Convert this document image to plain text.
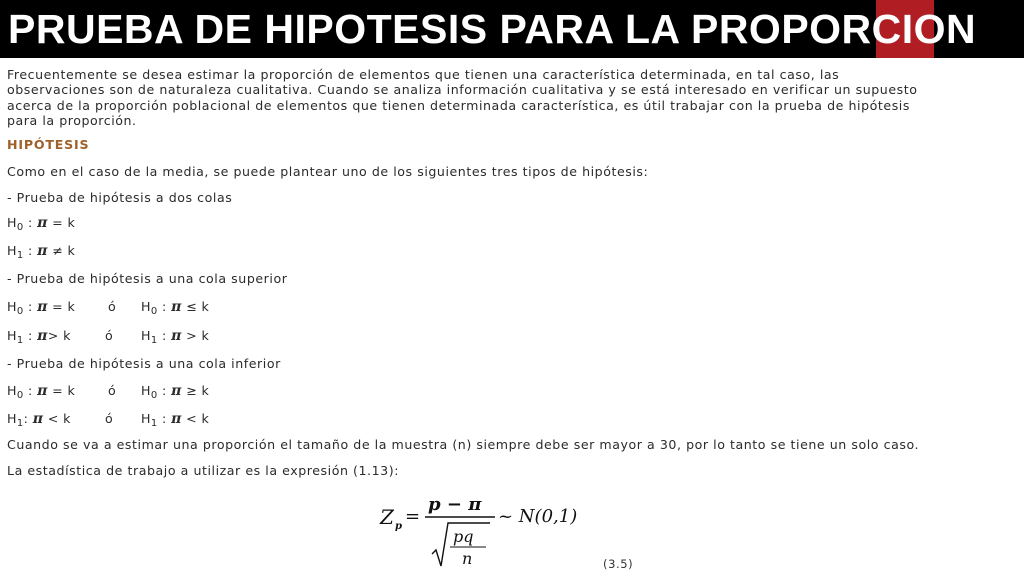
PRUEBA DE HIPOTESIS PARA LA PROPORCION
Frecuentemente se desea estimar la proporción de elementos que tienen una característica determinada, en tal caso, las
observaciones son de naturaleza cualitativa. Cuando se analiza información cualitativa y se está interesado en verificar un supuesto
acerca de la proporción poblacional de elementos que tienen determinada característica, es útil trabajar con la prueba de hipótesis
para la proporción.
HIPÓTESIS
Como en el caso de la media, se puede plantear uno de los siguientes tres tipos de hipótesis:
- Prueba de hipótesis a dos colas
$H_0$ : π = k
$H_1$ : π ≠ k
- Prueba de hipótesis a una cola superior
$H_0$ : π = k	ó $H_0$ : π ≤ k
$H_1$ : π> k	ó $H_1$ : π > k
- Prueba de hipótesis a una cola inferior
$H_0$ : π = k	ó $H_0$ : π ≥ k
$H_1$: π < k	ó $H_1$ : π < k
Cuando se va a estimar una proporción el tamaño de la muestra (n) siempre debe ser mayor a 30, por lo tanto se tiene un solo caso.
La estadística de trabajo a utilizar es la expresión (1.13):
Z p =
p − π
pq
n
~ N(0,1)
(3.5)
